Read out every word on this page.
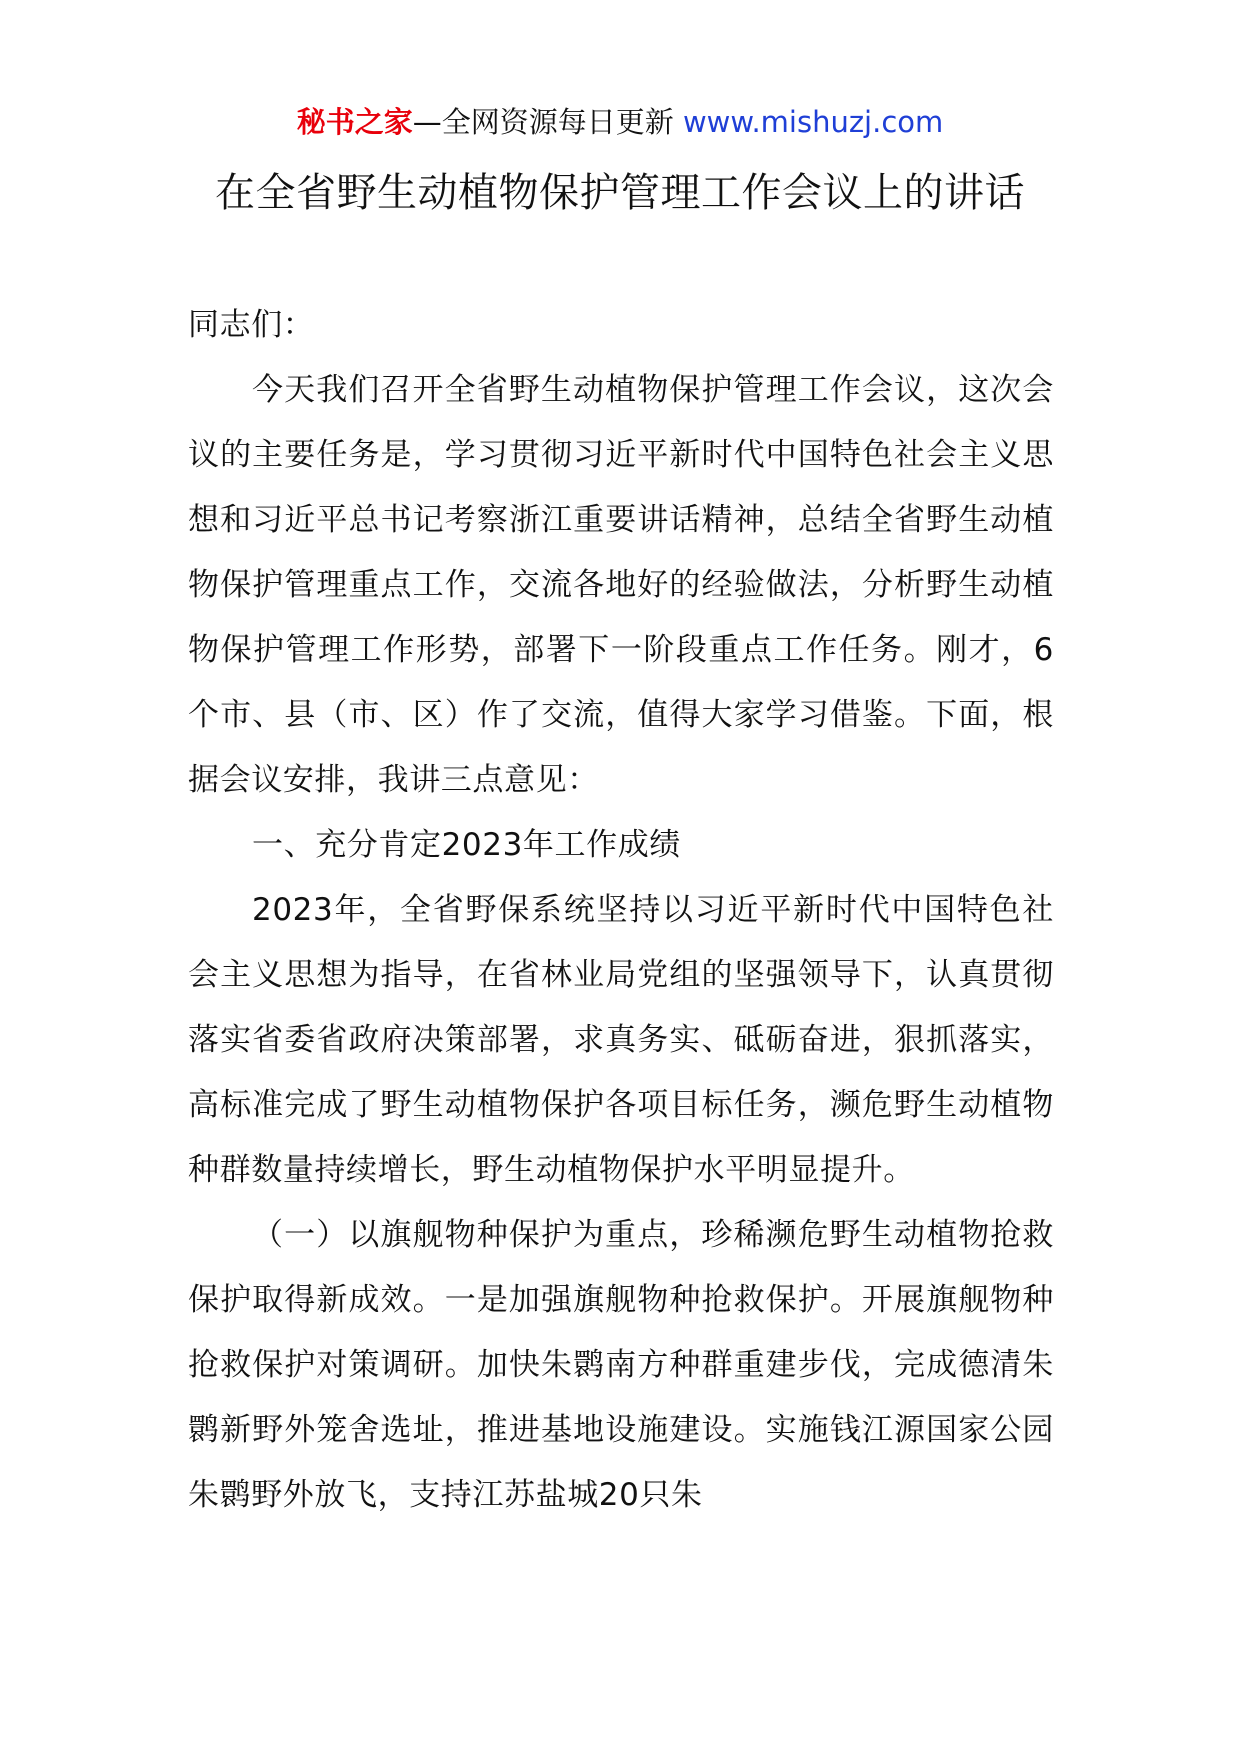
秘书之家—全网资源每日更新 www.mishuzj.com
在全省野生动植物保护管理工作会议上的讲话

同志们：

今天我们召开全省野生动植物保护管理工作会议，这次会议的主要任务是，学习贯彻习近平新时代中国特色社会主义思想和习近平总书记考察浙江重要讲话精神，总结全省野生动植物保护管理重点工作，交流各地好的经验做法，分析野生动植物保护管理工作形势，部署下一阶段重点工作任务。刚才，6个市、县（市、区）作了交流，值得大家学习借鉴。下面，根据会议安排，我讲三点意见：

一、充分肯定2023年工作成绩

2023年，全省野保系统坚持以习近平新时代中国特色社会主义思想为指导，在省林业局党组的坚强领导下，认真贯彻落实省委省政府决策部署，求真务实、砥砺奋进，狠抓落实，高标准完成了野生动植物保护各项目标任务，濒危野生动植物种群数量持续增长，野生动植物保护水平明显提升。

（一）以旗舰物种保护为重点，珍稀濒危野生动植物抢救保护取得新成效。一是加强旗舰物种抢救保护。开展旗舰物种抢救保护对策调研。加快朱鹮南方种群重建步伐，完成德清朱鹮新野外笼舍选址，推进基地设施建设。实施钱江源国家公园朱鹮野外放飞，支持江苏盐城20只朱
